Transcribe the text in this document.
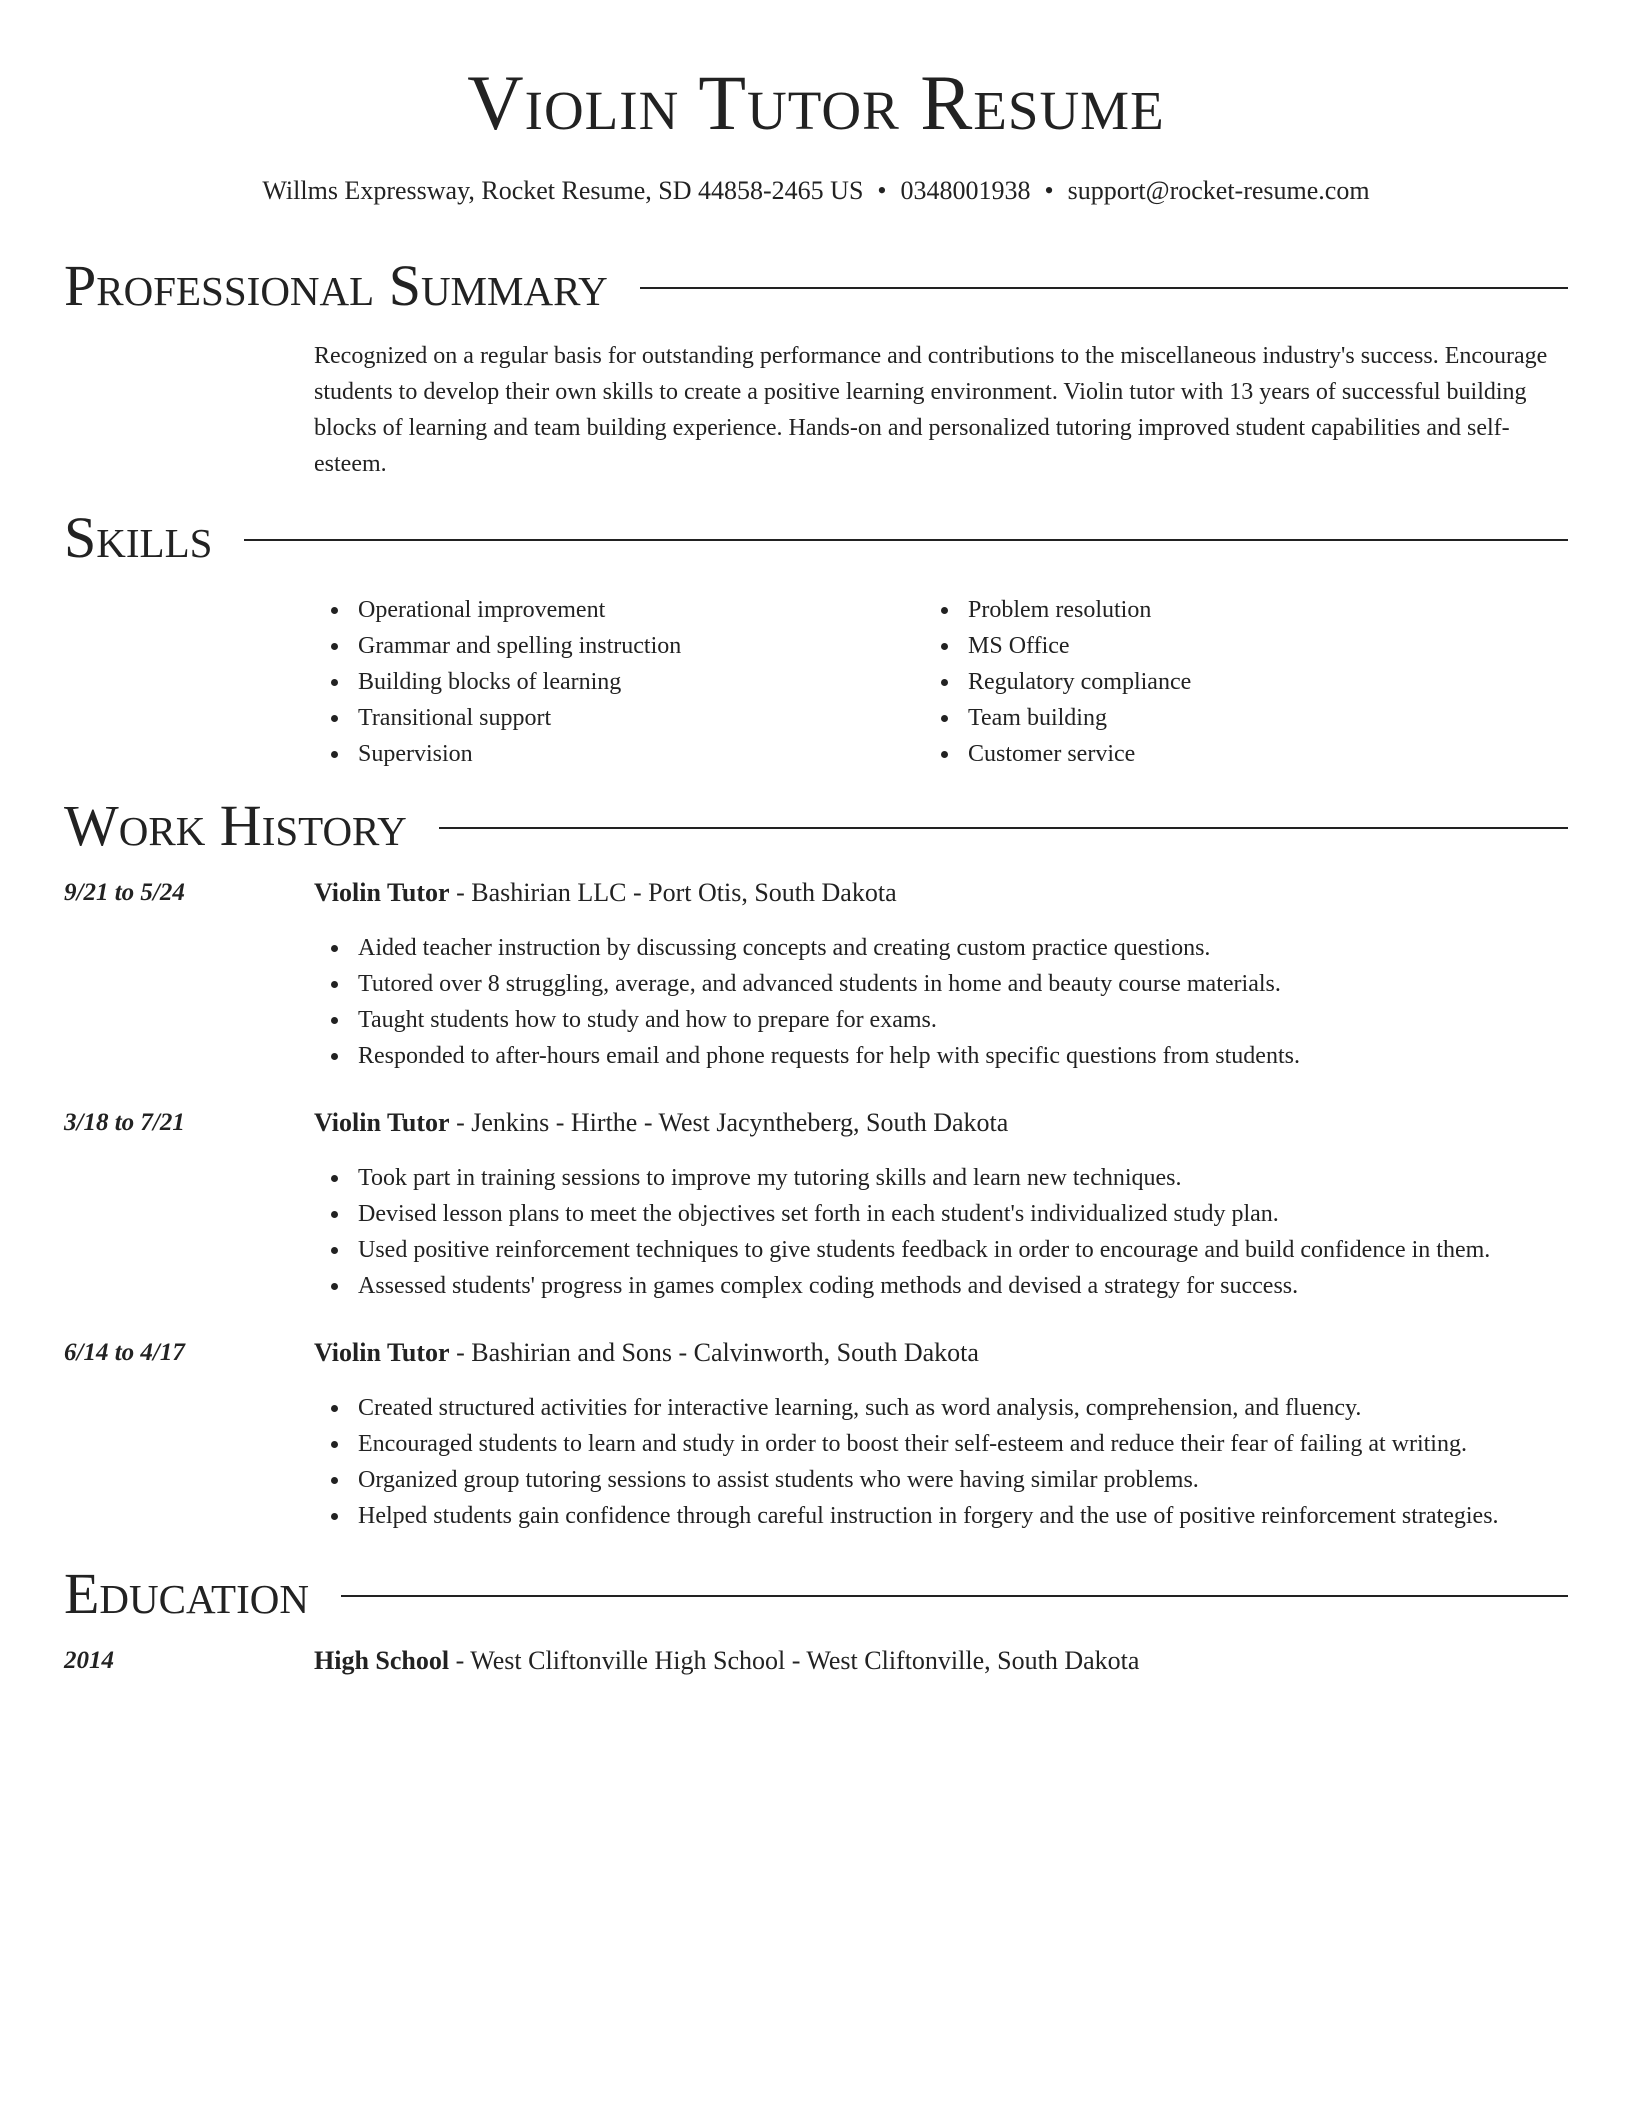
Violin Tutor Resume
Willms Expressway, Rocket Resume, SD 44858-2465 US • 0348001938 • support@rocket-resume.com
Professional Summary

Recognized on a regular basis for outstanding performance and contributions to the miscellaneous industry's success. Encourage students to develop their own skills to create a positive learning environment. Violin tutor with 13 years of successful building blocks of learning and team building experience. Hands-on and personalized tutoring improved student capabilities and self-esteem.

Skills
Operational improvement
Grammar and spelling instruction
Building blocks of learning
Transitional support
Supervision
Problem resolution
MS Office
Regulatory compliance
Team building
Customer service
Work History
9/21 to 5/24	Violin Tutor - Bashirian LLC - Port Otis, South Dakota
Aided teacher instruction by discussing concepts and creating custom practice questions.
Tutored over 8 struggling, average, and advanced students in home and beauty course materials.
Taught students how to study and how to prepare for exams.
Responded to after-hours email and phone requests for help with specific questions from students.
3/18 to 7/21	Violin Tutor - Jenkins - Hirthe - West Jacyntheberg, South Dakota
Took part in training sessions to improve my tutoring skills and learn new techniques.
Devised lesson plans to meet the objectives set forth in each student's individualized study plan.
Used positive reinforcement techniques to give students feedback in order to encourage and build confidence in them.
Assessed students' progress in games complex coding methods and devised a strategy for success.
6/14 to 4/17	Violin Tutor - Bashirian and Sons - Calvinworth, South Dakota
Created structured activities for interactive learning, such as word analysis, comprehension, and fluency.
Encouraged students to learn and study in order to boost their self-esteem and reduce their fear of failing at writing.
Organized group tutoring sessions to assist students who were having similar problems.
Helped students gain confidence through careful instruction in forgery and the use of positive reinforcement strategies.
Education
2014	High School - West Cliftonville High School - West Cliftonville, South Dakota
